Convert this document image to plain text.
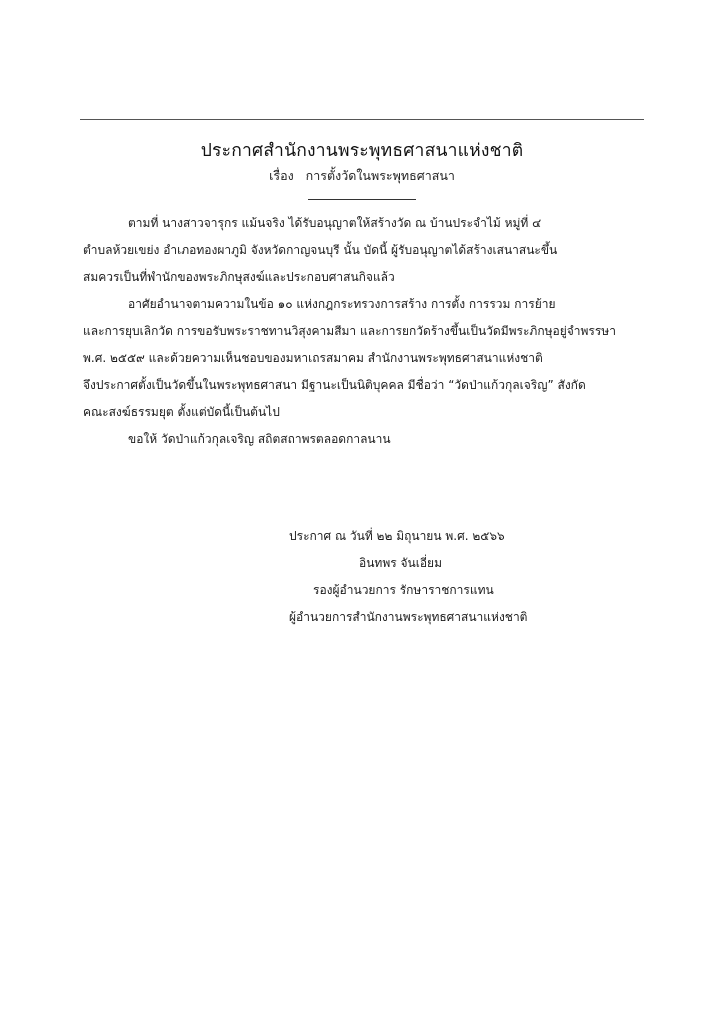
ประกาศสำนักงานพระพุทธศาสนาแห่งชาติ
เรื่อง การตั้งวัดในพระพุทธศาสนา
ตามที่ นางสาวจารุกร แม้นจริง ได้รับอนุญาตให้สร้างวัด ณ บ้านประจำไม้ หมู่ที่ ๔
ตำบลห้วยเขย่ง อำเภอทองผาภูมิ จังหวัดกาญจนบุรี นั้น บัดนี้ ผู้รับอนุญาตได้สร้างเสนาสนะขึ้น
สมควรเป็นที่พำนักของพระภิกษุสงฆ์และประกอบศาสนกิจแล้ว
อาศัยอำนาจตามความในข้อ ๑๐ แห่งกฎกระทรวงการสร้าง การตั้ง การรวม การย้าย
และการยุบเลิกวัด การขอรับพระราชทานวิสุงคามสีมา และการยกวัดร้างขึ้นเป็นวัดมีพระภิกษุอยู่จำพรรษา
พ.ศ. ๒๕๕๙ และด้วยความเห็นชอบของมหาเถรสมาคม สำนักงานพระพุทธศาสนาแห่งชาติ
จึงประกาศตั้งเป็นวัดขึ้นในพระพุทธศาสนา มีฐานะเป็นนิติบุคคล มีชื่อว่า “วัดป่าแก้วกุลเจริญ” สังกัด
คณะสงฆ์ธรรมยุต ตั้งแต่บัดนี้เป็นต้นไป
ขอให้ วัดป่าแก้วกุลเจริญ สถิตสถาพรตลอดกาลนาน
ประกาศ ณ วันที่ ๒๒ มิถุนายน พ.ศ. ๒๕๖๖
อินทพร จันเอี่ยม
รองผู้อำนวยการ รักษาราชการแทน
ผู้อำนวยการสำนักงานพระพุทธศาสนาแห่งชาติ
